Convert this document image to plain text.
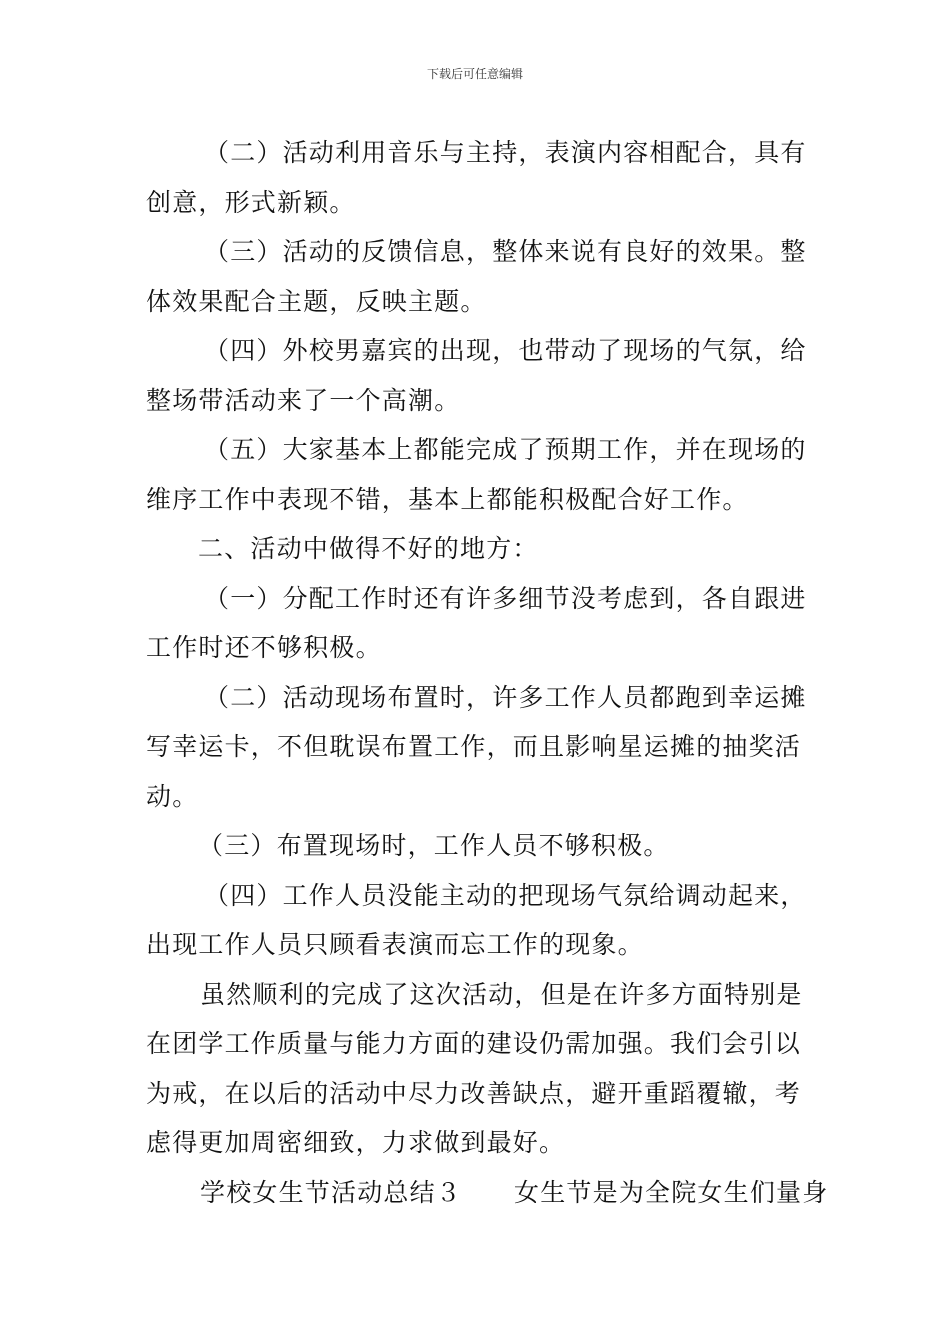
下载后可任意编辑
（二）活动利用音乐与主持，表演内容相配合，具有
创意，形式新颖。
（三）活动的反馈信息，整体来说有良好的效果。整
体效果配合主题，反映主题。
（四）外校男嘉宾的出现，也带动了现场的气氛，给
整场带活动来了一个高潮。
（五）大家基本上都能完成了预期工作，并在现场的
维序工作中表现不错，基本上都能积极配合好工作。
二、活动中做得不好的地方：
（一）分配工作时还有许多细节没考虑到，各自跟进
工作时还不够积极。
（二）活动现场布置时，许多工作人员都跑到幸运摊
写幸运卡，不但耽误布置工作，而且影响星运摊的抽奖活
动。
（三）布置现场时，工作人员不够积极。
（四）工作人员没能主动的把现场气氛给调动起来，
出现工作人员只顾看表演而忘工作的现象。
虽然顺利的完成了这次活动，但是在许多方面特别是
在团学工作质量与能力方面的建设仍需加强。我们会引以
为戒，在以后的活动中尽力改善缺点，避开重蹈覆辙，考
虑得更加周密细致，力求做到最好。
学校女生节活动总结３ 女生节是为全院女生们量身
